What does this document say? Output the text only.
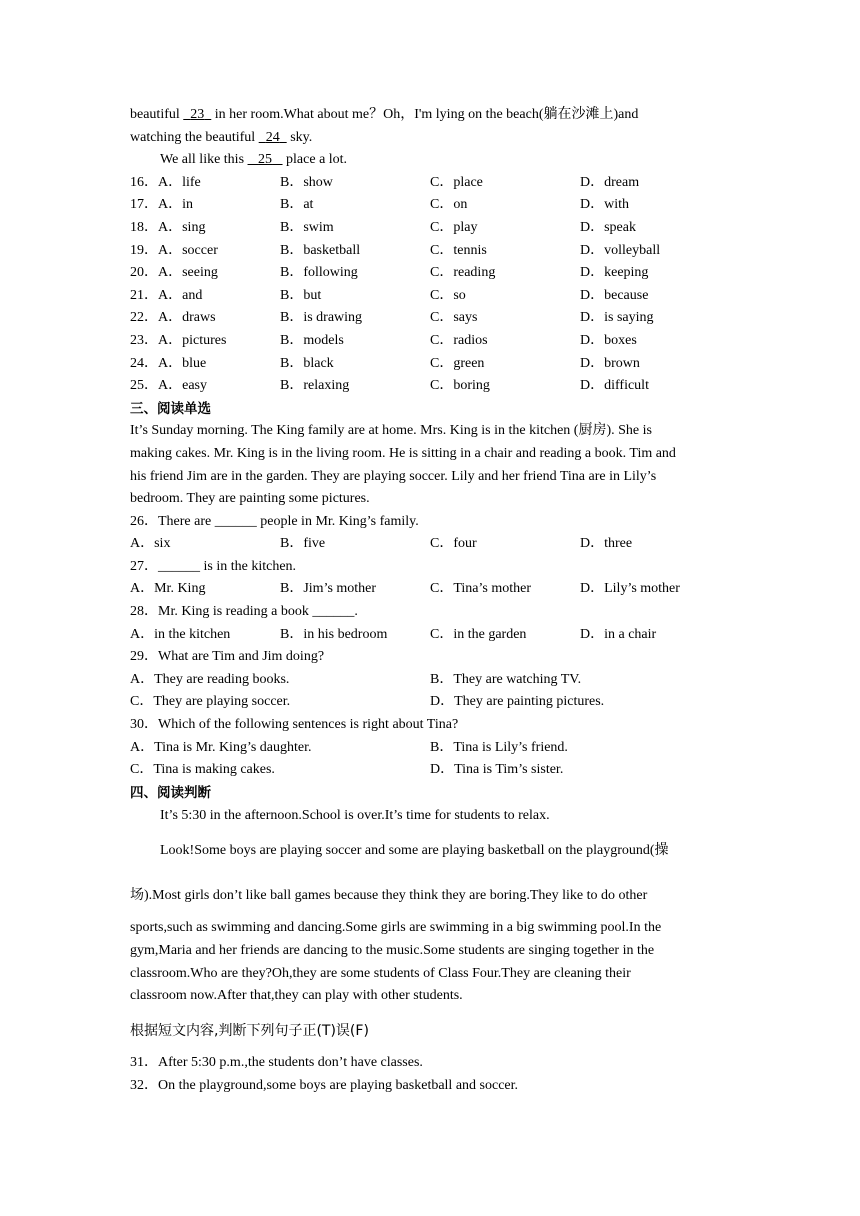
beautiful   23   in her room.What about me？Oh，I'm lying on the beach(躺在沙滩上)and
watching the beautiful   24   sky.
We all like this    25    place a lot.
16．A．life	B．show	C．place	D．dream
17．A．in	B．at	C．on	D．with
18．A．sing	B．swim	C．play	D．speak
19．A．soccer	B．basketball	C．tennis	D．volleyball
20．A．seeing	B．following	C．reading	D．keeping
21．A．and	B．but	C．so	D．because
22．A．draws	B．is drawing	C．says	D．is saying
23．A．pictures	B．models	C．radios	D．boxes
24．A．blue	B．black	C．green	D．brown
25．A．easy	B．relaxing	C．boring	D．difficult
三、阅读单选
It’s Sunday morning. The King family are at home. Mrs. King is in the kitchen (厨房). She is
making cakes. Mr. King is in the living room. He is sitting in a chair and reading a book. Tim and
his friend Jim are in the garden. They are playing soccer. Lily and her friend Tina are in Lily’s
bedroom. They are painting some pictures.
26．There are ______ people in Mr. King’s family.
A．six	B．five	C．four	D．three
27．______ is in the kitchen.
A．Mr. King	B．Jim’s mother	C．Tina’s mother	D．Lily’s mother
28．Mr. King is reading a book ______.
A．in the kitchen	B．in his bedroom	C．in the garden	D．in a chair
29．What are Tim and Jim doing?
A．They are reading books.	B．They are watching TV.
C．They are playing soccer.	D．They are painting pictures.
30．Which of the following sentences is right about Tina?
A．Tina is Mr. King’s daughter.	B．Tina is Lily’s friend.
C．Tina is making cakes.	D．Tina is Tim’s sister.
四、阅读判断
It’s 5:30 in the afternoon.School is over.It’s time for students to relax.
Look!Some boys are playing soccer and some are playing basketball on the playground(操
场).Most girls don’t like ball games because they think they are boring.They like to do other
sports,such as swimming and dancing.Some girls are swimming in a big swimming pool.In the
gym,Maria and her friends are dancing to the music.Some students are singing together in the
classroom.Who are they?Oh,they are some students of Class Four.They are cleaning their
classroom now.After that,they can play with other students.
根据短文内容,判断下列句子正(T)误(F)
31．After 5:30 p.m.,the students don’t have classes.
32．On the playground,some boys are playing basketball and soccer.
